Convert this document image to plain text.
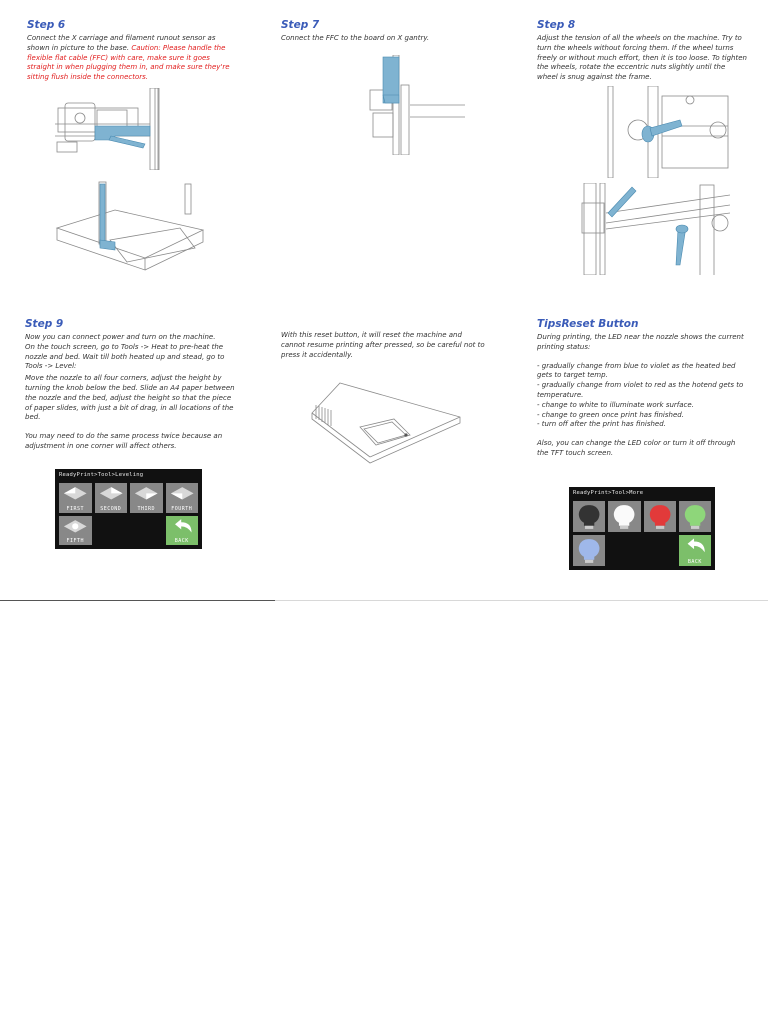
Step 6

Connect the X carriage and filament runout sensor as shown in picture to the base. Caution: Please handle the flexible flat cable (FFC) with care, make sure it goes straight in when plugging them in, and make sure they're sitting flush inside the connectors.

Step 7

Connect the FFC to the board on X gantry.

Step 8

Adjust the tension of all the wheels on the machine. Try to turn the wheels without forcing them. If the wheel turns freely or without much effort, then it is too loose. To tighten the wheels, rotate the eccentric nuts slightly until the wheel is snug against the frame.

Step 9

Now you can connect power and turn on the machine.
On the touch screen, go to Tools -> Heat to pre-heat the nozzle and bed. Wait till both heated up and stead, go to Tools -> Level:

Move the nozzle to all four corners, adjust the height by turning the knob below the bed. Slide an A4 paper between the nozzle and the bed, adjust the height so that the piece of paper slides, with just a bit of drag, in all locations of the bed.

You may need to do the same process twice because an adjustment in one corner will affect others.

ReadyPrint>Tool>Leveling
FIRST	SECOND	THIRD	FOURTH
FIFTH	BACK

With this reset button, it will reset the machine and cannot resume printing after pressed, so be careful not to press it accidentally.

TipsReset Button

During printing, the LED near the nozzle shows the current printing status:

- gradually change from blue to violet as the heated bed gets to target temp.
- gradually change from violet to red as the hotend gets to temperature.
- change to white to illuminate work surface.
- change to green once print has finished.
- turn off after the print has finished.

Also, you can change the LED color or turn it off through the TFT touch screen.

ReadyPrint>Tool>More
BACK
